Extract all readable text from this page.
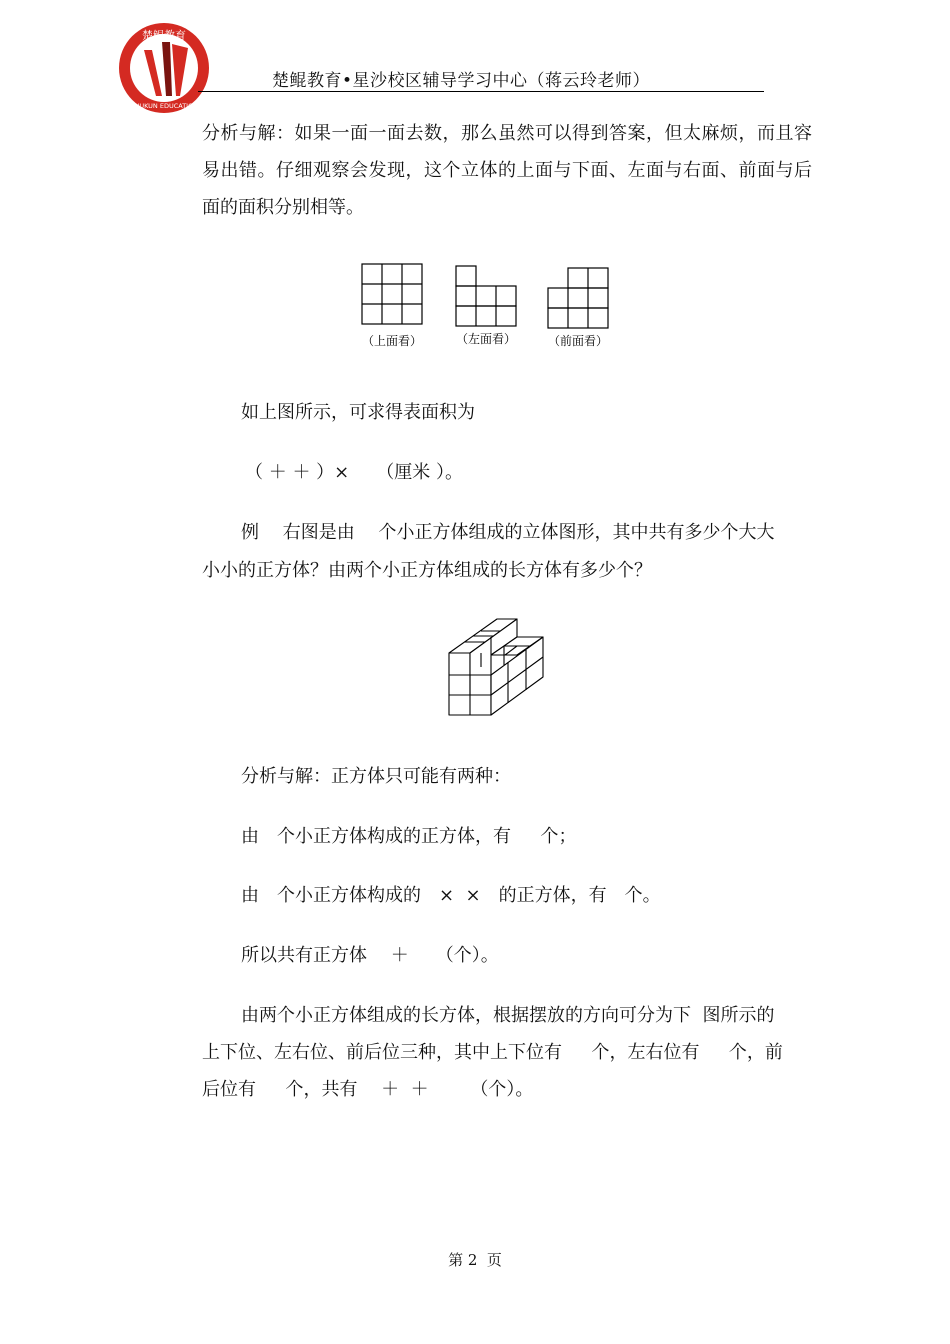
楚鲲教育
CHUKUN EDUCATION
楚鲲教育•星沙校区辅导学习中心（蒋云玲老师）
分析与解：如果一面一面去数，那么虽然可以得到答案，但太麻烦，而且容易出错。仔细观察会发现，这个立体的上面与下面、左面与右面、前面与后面的面积分别相等。
（上面看）	（左面看）	（前面看）
如上图所示，可求得表面积为
（ ＋ ＋ ）×　　（厘米 ）。
例　 右图是由　 个小正方体组成的立体图形，其中共有多少个大大
小小的正方体？由两个小正方体组成的长方体有多少个？
分析与解：正方体只可能有两种：
由　个小正方体构成的正方体，有　  个；
由　个小正方体构成的　×  ×　的正方体，有　个。
所以共有正方体　 ＋　　（个）。
由两个小正方体组成的长方体，根据摆放的方向可分为下  图所示的
上下位、左右位、前后位三种，其中上下位有　  个，左右位有　  个，前
后位有　  个，共有　 ＋  ＋　　 （个）。
第 2  页
